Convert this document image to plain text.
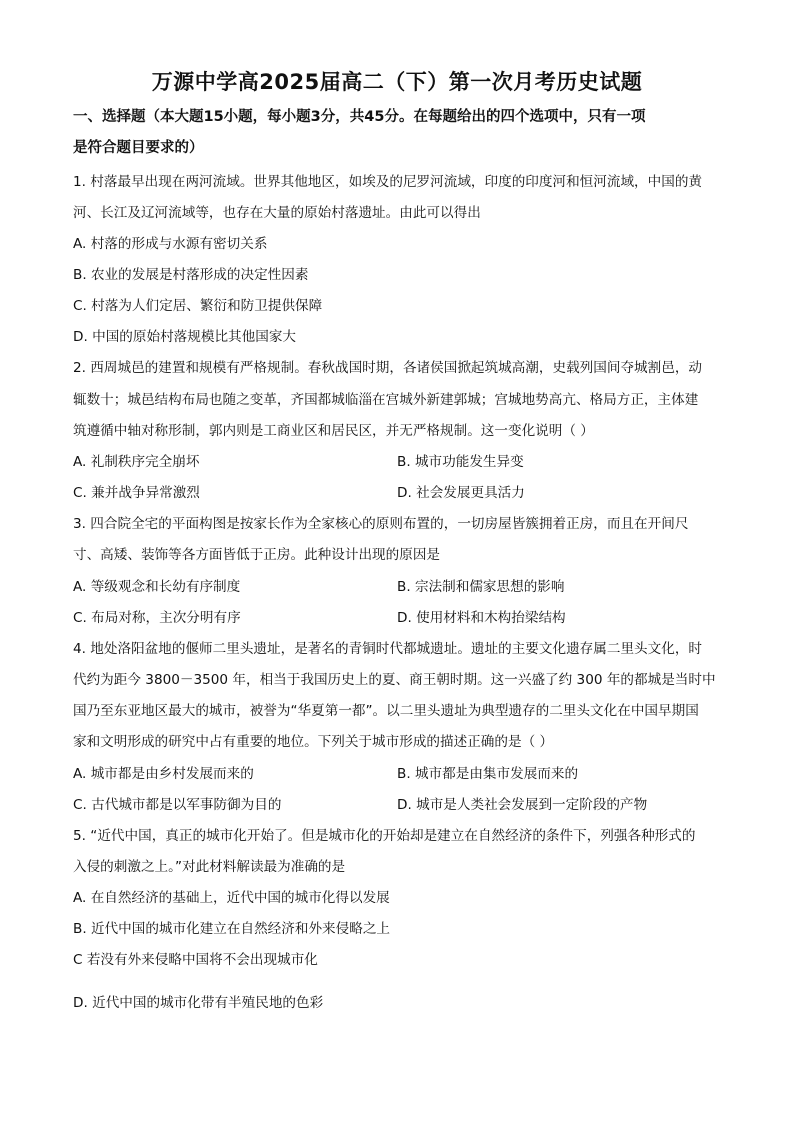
万源中学高2025届高二（下）第一次月考历史试题
一、选择题（本大题15小题，每小题3分，共45分。在每题给出的四个选项中，只有一项
是符合题目要求的）
1. 村落最早出现在两河流域。世界其他地区，如埃及的尼罗河流域，印度的印度河和恒河流域，中国的黄
河、长江及辽河流域等，也存在大量的原始村落遗址。由此可以得出
A. 村落的形成与水源有密切关系
B. 农业的发展是村落形成的决定性因素
C. 村落为人们定居、繁衍和防卫提供保障
D. 中国的原始村落规模比其他国家大
2. 西周城邑的建置和规模有严格规制。春秋战国时期，各诸侯国掀起筑城高潮，史载列国间夺城割邑，动
辄数十；城邑结构布局也随之变革，齐国都城临淄在宫城外新建郭城；宫城地势高亢、格局方正，主体建
筑遵循中轴对称形制，郭内则是工商业区和居民区，并无严格规制。这一变化说明（ ）
A. 礼制秩序完全崩坏	B. 城市功能发生异变
C. 兼并战争异常激烈	D. 社会发展更具活力
3. 四合院全宅的平面构图是按家长作为全家核心的原则布置的，一切房屋皆簇拥着正房，而且在开间尺
寸、高矮、装饰等各方面皆低于正房。此种设计出现的原因是
A. 等级观念和长幼有序制度	B. 宗法制和儒家思想的影响
C. 布局对称，主次分明有序	D. 使用材料和木构抬梁结构
4. 地处洛阳盆地的偃师二里头遗址，是著名的青铜时代都城遗址。遗址的主要文化遗存属二里头文化，时
代约为距今 3800－3500 年，相当于我国历史上的夏、商王朝时期。这一兴盛了约 300 年的都城是当时中
国乃至东亚地区最大的城市，被誉为“华夏第一都”。以二里头遗址为典型遗存的二里头文化在中国早期国
家和文明形成的研究中占有重要的地位。下列关于城市形成的描述正确的是（ ）
A. 城市都是由乡村发展而来的	B. 城市都是由集市发展而来的
C. 古代城市都是以军事防御为目的	D. 城市是人类社会发展到一定阶段的产物
5. “近代中国，真正的城市化开始了。但是城市化的开始却是建立在自然经济的条件下，列强各种形式的
入侵的刺激之上。”对此材料解读最为准确的是
A. 在自然经济的基础上，近代中国的城市化得以发展
B. 近代中国的城市化建立在自然经济和外来侵略之上
C 若没有外来侵略中国将不会出现城市化
D. 近代中国的城市化带有半殖民地的色彩
